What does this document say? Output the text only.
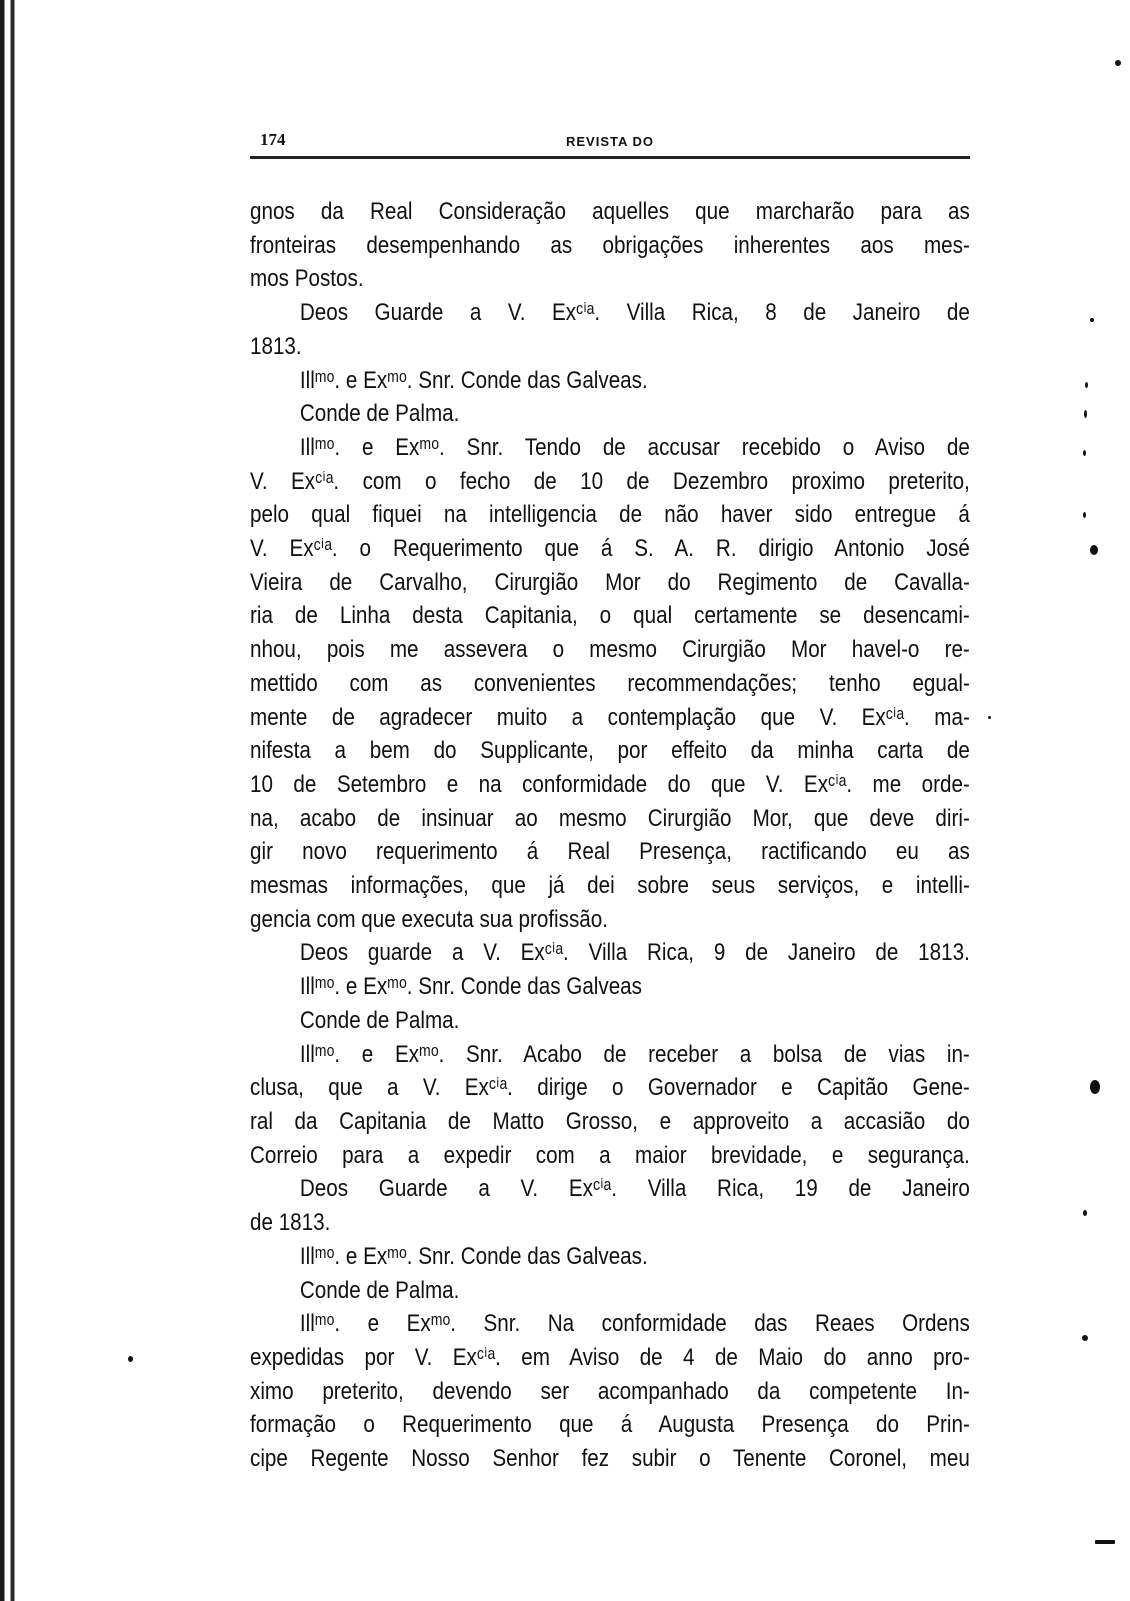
174	REVISTA DO
gnos da Real Consideração aquelles que marcharão para as
fronteiras desempenhando as obrigações inherentes aos mes-
mos Postos.
Deos Guarde a V. Exᶜⁱᵃ. Villa Rica, 8 de Janeiro de
1813.
Illᵐᵒ. e Exᵐᵒ. Snr. Conde das Galveas.
Conde de Palma.
Illᵐᵒ. e Exᵐᵒ. Snr. Tendo de accusar recebido o Aviso de
V. Exᶜⁱᵃ. com o fecho de 10 de Dezembro proximo preterito,
pelo qual fiquei na intelligencia de não haver sido entregue á
V. Exᶜⁱᵃ. o Requerimento que á S. A. R. dirigio Antonio José
Vieira de Carvalho, Cirurgião Mor do Regimento de Cavalla-
ria de Linha desta Capitania, o qual certamente se desencami-
nhou, pois me assevera o mesmo Cirurgião Mor havel-o re-
mettido com as convenientes recommendações; tenho egual-
mente de agradecer muito a contemplação que V. Exᶜⁱᵃ. ma-
nifesta a bem do Supplicante, por effeito da minha carta de
10 de Setembro e na conformidade do que V. Exᶜⁱᵃ. me orde-
na, acabo de insinuar ao mesmo Cirurgião Mor, que deve diri-
gir novo requerimento á Real Presença, ractificando eu as
mesmas informações, que já dei sobre seus serviços, e intelli-
gencia com que executa sua profissão.
Deos guarde a V. Exᶜⁱᵃ. Villa Rica, 9 de Janeiro de 1813.
Illᵐᵒ. e Exᵐᵒ. Snr. Conde das Galveas
Conde de Palma.
Illᵐᵒ. e Exᵐᵒ. Snr. Acabo de receber a bolsa de vias in-
clusa, que a V. Exᶜⁱᵃ. dirige o Governador e Capitão Gene-
ral da Capitania de Matto Grosso, e approveito a accasião do
Correio para a expedir com a maior brevidade, e segurança.
Deos Guarde a V. Exᶜⁱᵃ. Villa Rica, 19 de Janeiro
de 1813.
Illᵐᵒ. e Exᵐᵒ. Snr. Conde das Galveas.
Conde de Palma.
Illᵐᵒ. e Exᵐᵒ. Snr. Na conformidade das Reaes Ordens
expedidas por V. Exᶜⁱᵃ. em Aviso de 4 de Maio do anno pro-
ximo preterito, devendo ser acompanhado da competente In-
formação o Requerimento que á Augusta Presença do Prin-
cipe Regente Nosso Senhor fez subir o Tenente Coronel, meu
